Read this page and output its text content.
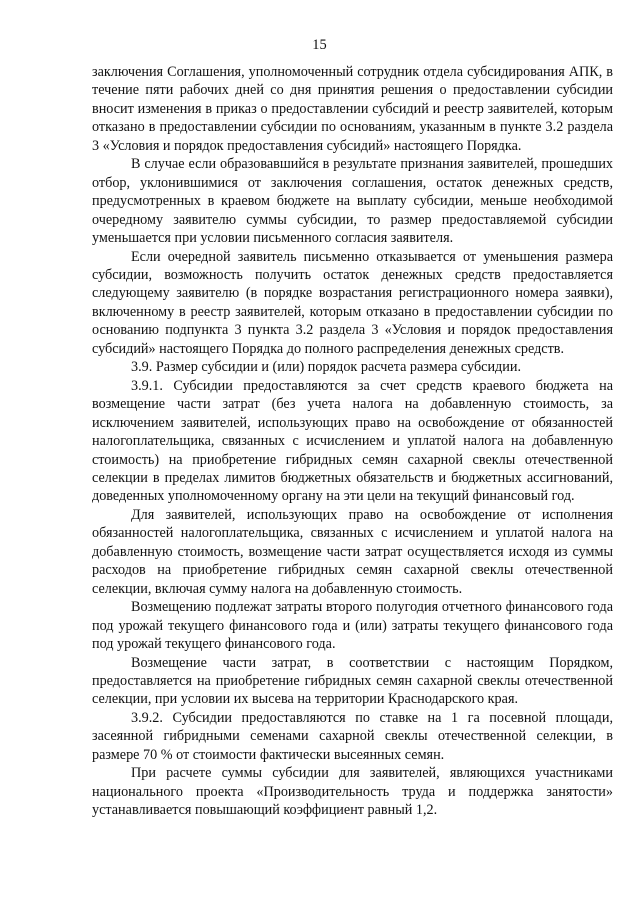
15

заключения Соглашения, уполномоченный сотрудник отдела субсидирования АПК, в течение пяти рабочих дней со дня принятия решения о предоставлении субсидии вносит изменения в приказ о предоставлении субсидий и реестр заявителей, которым отказано в предоставлении субсидии по основаниям, указанным в пункте 3.2 раздела 3 «Условия и порядок предоставления субсидий» настоящего Порядка.

В случае если образовавшийся в результате признания заявителей, прошедших отбор, уклонившимися от заключения соглашения, остаток денежных средств, предусмотренных в краевом бюджете на выплату субсидии, меньше необходимой очередному заявителю суммы субсидии, то размер предоставляемой субсидии уменьшается при условии письменного согласия заявителя.

Если очередной заявитель письменно отказывается от уменьшения размера субсидии, возможность получить остаток денежных средств предоставляется следующему заявителю (в порядке возрастания регистрационного номера заявки), включенному в реестр заявителей, которым отказано в предоставлении субсидии по основанию подпункта 3 пункта 3.2 раздела 3 «Условия и порядок предоставления субсидий» настоящего Порядка до полного распределения денежных средств.

3.9. Размер субсидии и (или) порядок расчета размера субсидии.

3.9.1. Субсидии предоставляются за счет средств краевого бюджета на возмещение части затрат (без учета налога на добавленную стоимость, за исключением заявителей, использующих право на освобождение от обязанностей налогоплательщика, связанных с исчислением и уплатой налога на добавленную стоимость) на приобретение гибридных семян сахарной свеклы отечественной селекции в пределах лимитов бюджетных обязательств и бюджетных ассигнований, доведенных уполномоченному органу на эти цели на текущий финансовый год.

Для заявителей, использующих право на освобождение от исполнения обязанностей налогоплательщика, связанных с исчислением и уплатой налога на добавленную стоимость, возмещение части затрат осуществляется исходя из суммы расходов на приобретение гибридных семян сахарной свеклы отечественной селекции, включая сумму налога на добавленную стоимость.

Возмещению подлежат затраты второго полугодия отчетного финансового года под урожай текущего финансового года и (или) затраты текущего финансового года под урожай текущего финансового года.

Возмещение части затрат, в соответствии с настоящим Порядком, предоставляется на приобретение гибридных семян сахарной свеклы отечественной селекции, при условии их высева на территории Краснодарского края.

3.9.2. Субсидии предоставляются по ставке на 1 га посевной площади, засеянной гибридными семенами сахарной свеклы отечественной селекции, в размере 70 % от стоимости фактически высеянных семян.

При расчете суммы субсидии для заявителей, являющихся участниками национального проекта «Производительность труда и поддержка занятости» устанавливается повышающий коэффициент равный 1,2.
